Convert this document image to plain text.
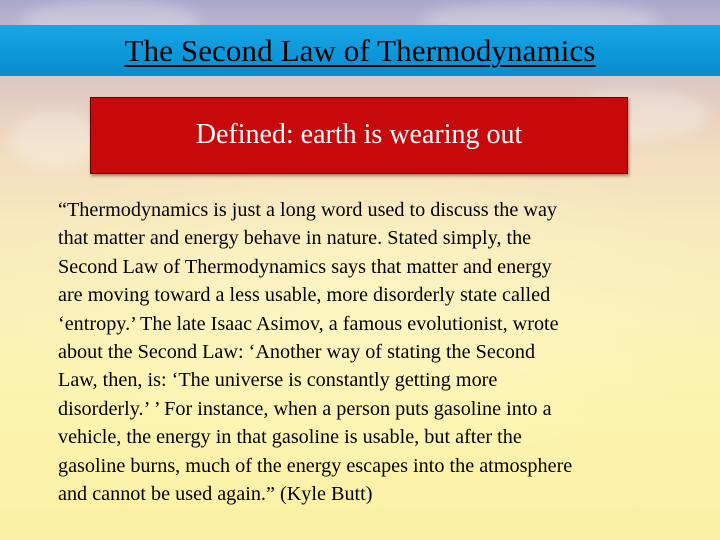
The Second Law of Thermodynamics
Defined: earth is wearing out
“Thermodynamics is just a long word used to discuss the way
that matter and energy behave in nature. Stated simply, the
Second Law of Thermodynamics says that matter and energy
are moving toward a less usable, more disorderly state called
‘entropy.’ The late Isaac Asimov, a famous evolutionist, wrote
about the Second Law: ‘Another way of stating the Second
Law, then, is: ‘The universe is constantly getting more
disorderly.’ ’ For instance, when a person puts gasoline into a
vehicle, the energy in that gasoline is usable, but after the
gasoline burns, much of the energy escapes into the atmosphere
and cannot be used again.” (Kyle Butt)
